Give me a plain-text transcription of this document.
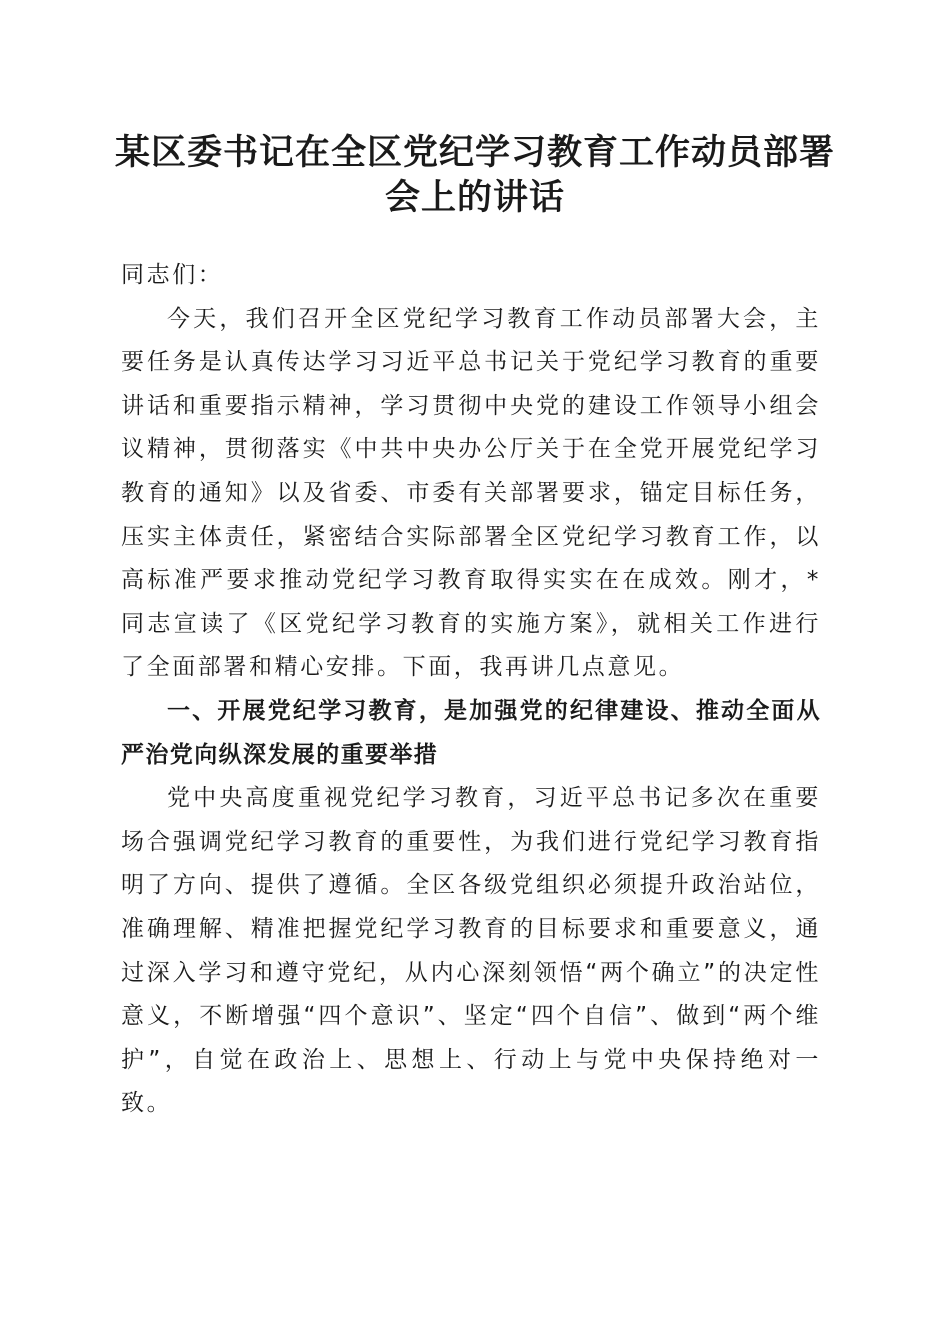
某区委书记在全区党纪学习教育工作动员部署
会上的讲话

同志们：

今天，我们召开全区党纪学习教育工作动员部署大会，主要任务是认真传达学习习近平总书记关于党纪学习教育的重要讲话和重要指示精神，学习贯彻中央党的建设工作领导小组会议精神，贯彻落实《中共中央办公厅关于在全党开展党纪学习教育的通知》以及省委、市委有关部署要求，锚定目标任务，压实主体责任，紧密结合实际部署全区党纪学习教育工作，以高标准严要求推动党纪学习教育取得实实在在成效。刚才，*同志宣读了《区党纪学习教育的实施方案》，就相关工作进行了全面部署和精心安排。下面，我再讲几点意见。

一、开展党纪学习教育，是加强党的纪律建设、推动全面从严治党向纵深发展的重要举措

党中央高度重视党纪学习教育，习近平总书记多次在重要场合强调党纪学习教育的重要性，为我们进行党纪学习教育指明了方向、提供了遵循。全区各级党组织必须提升政治站位，准确理解、精准把握党纪学习教育的目标要求和重要意义，通过深入学习和遵守党纪，从内心深刻领悟“两个确立”的决定性意义，不断增强“四个意识”、坚定“四个自信”、做到“两个维护”，自觉在政治上、思想上、行动上与党中央保持绝对一致。
